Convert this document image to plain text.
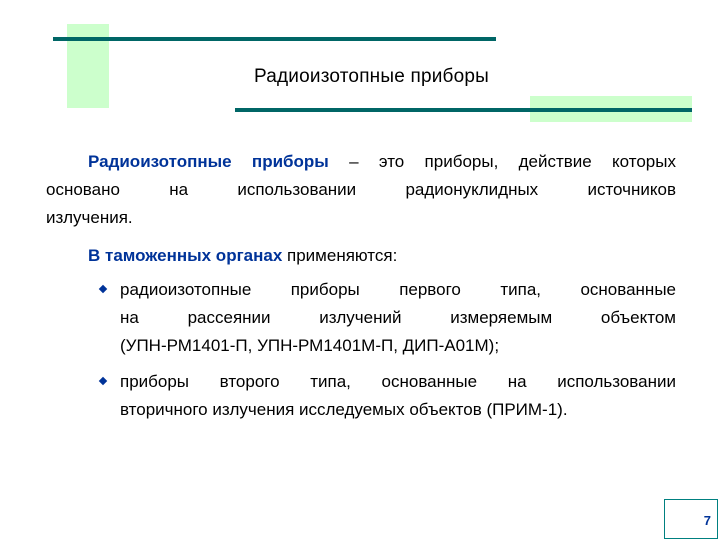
Радиоизотопные приборы

Радиоизотопные приборы – это приборы, действие которых
основано на использовании радионуклидных источников
излучения.

В таможенных органах применяются:

радиоизотопные приборы первого типа, основанные
на рассеянии излучений измеряемым объектом
(УПН-РМ1401-П, УПН-РМ1401М-П, ДИП-А01М);

приборы второго типа, основанные на использовании
вторичного излучения исследуемых объектов (ПРИМ-1).

7
